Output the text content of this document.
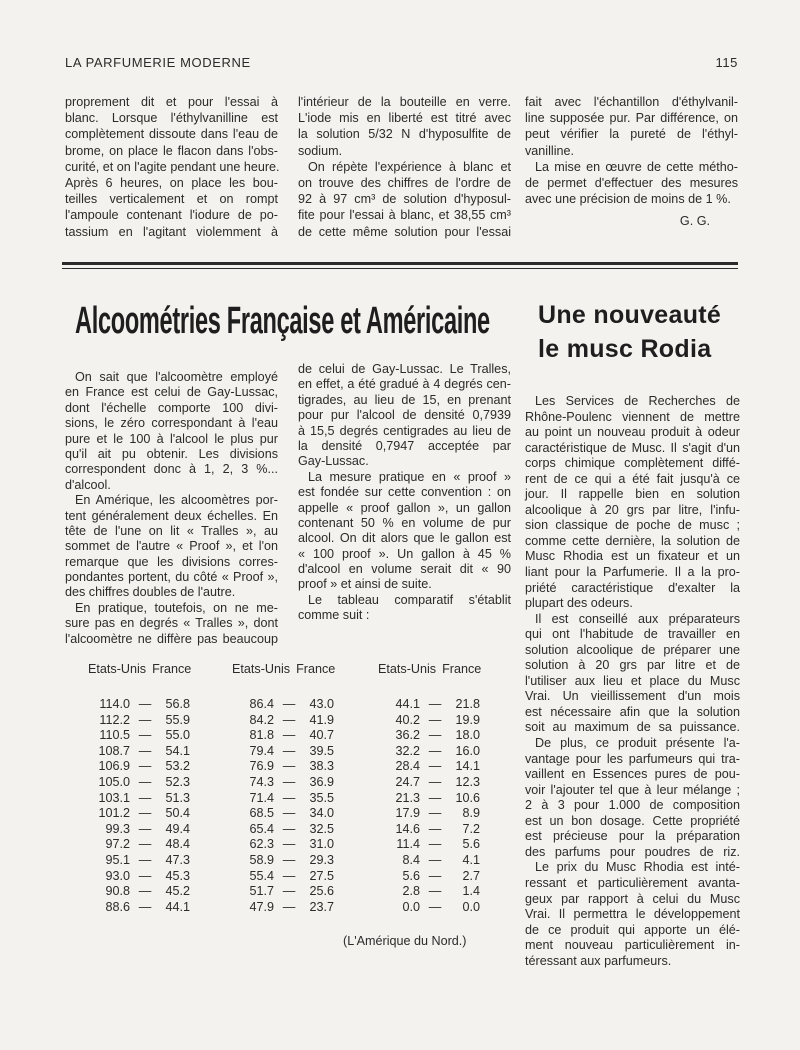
LA PARFUMERIE MODERNE	115
proprement dit et pour l'essai à
blanc. Lorsque l'éthylvanilline est
complètement dissoute dans l'eau de
brome, on place le flacon dans l'obs-
curité, et on l'agite pendant une heure.
Après 6 heures, on place les bou-
teilles verticalement et on rompt
l'ampoule contenant l'iodure de po-
tassium en l'agitant violemment à
l'intérieur de la bouteille en verre.
L'iode mis en liberté est titré avec
la solution 5/32 N d'hyposulfite de
sodium.
On répète l'expérience à blanc et
on trouve des chiffres de l'ordre de
92 à 97 cm³ de solution d'hyposul-
fite pour l'essai à blanc, et 38,55 cm³
de cette même solution pour l'essai
fait avec l'échantillon d'éthylvanil-
line supposée pur. Par différence, on
peut vérifier la pureté de l'éthyl-
vanilline.
La mise en œuvre de cette métho-
de permet d'effectuer des mesures
avec une précision de moins de 1 %.
G. G.
Alcoométries Française et Américaine Une nouveauté
le musc Rodia
On sait que l'alcoomètre employé
en France est celui de Gay-Lussac,
dont l'échelle comporte 100 divi-
sions, le zéro correspondant à l'eau
pure et le 100 à l'alcool le plus pur
qu'il ait pu obtenir. Les divisions
correspondent donc à 1, 2, 3 %...
d'alcool.
En Amérique, les alcoomètres por-
tent généralement deux échelles. En
tête de l'une on lit « Tralles », au
sommet de l'autre « Proof », et l'on
remarque que les divisions corres-
pondantes portent, du côté « Proof »,
des chiffres doubles de l'autre.
En pratique, toutefois, on ne me-
sure pas en degrés « Tralles », dont
l'alcoomètre ne diffère pas beaucoup
de celui de Gay-Lussac. Le Tralles,
en effet, a été gradué à 4 degrés cen-
tigrades, au lieu de 15, en prenant
pour pur l'alcool de densité 0,7939
à 15,5 degrés centigrades au lieu de
la densité 0,7947 acceptée par
Gay-Lussac.
La mesure pratique en « proof »
est fondée sur cette convention : on
appelle « proof gallon », un gallon
contenant 50 % en volume de pur
alcool. On dit alors que le gallon est
« 100 proof ». Un gallon à 45 %
d'alcool en volume serait dit « 90
proof » et ainsi de suite.
Le tableau comparatif s'établit
comme suit :
Etats-Unis France
114.0 — 56.8
112.2 — 55.9
110.5 — 55.0
108.7 — 54.1
106.9 — 53.2
105.0 — 52.3
103.1 — 51.3
101.2 — 50.4
99.3 — 49.4
97.2 — 48.4
95.1 — 47.3
93.0 — 45.3
90.8 — 45.2
88.6 — 44.1
Etats-Unis France
86.4 — 43.0
84.2 — 41.9
81.8 — 40.7
79.4 — 39.5
76.9 — 38.3
74.3 — 36.9
71.4 — 35.5
68.5 — 34.0
65.4 — 32.5
62.3 — 31.0
58.9 — 29.3
55.4 — 27.5
51.7 — 25.6
47.9 — 23.7
Etats-Unis France
44.1 — 21.8
40.2 — 19.9
36.2 — 18.0
32.2 — 16.0
28.4 — 14.1
24.7 — 12.3
21.3 — 10.6
17.9 — 8.9
14.6 — 7.2
11.4 — 5.6
8.4 — 4.1
5.6 — 2.7
2.8 — 1.4
0.0 — 0.0
(L'Amérique du Nord.)
Les Services de Recherches de
Rhône-Poulenc viennent de mettre
au point un nouveau produit à odeur
caractéristique de Musc. Il s'agit d'un
corps chimique complètement diffé-
rent de ce qui a été fait jusqu'à ce
jour. Il rappelle bien en solution
alcoolique à 20 grs par litre, l'infu-
sion classique de poche de musc ;
comme cette dernière, la solution de
Musc Rhodia est un fixateur et un
liant pour la Parfumerie. Il a la pro-
priété caractéristique d'exalter la
plupart des odeurs.
Il est conseillé aux préparateurs
qui ont l'habitude de travailler en
solution alcoolique de préparer une
solution à 20 grs par litre et de
l'utiliser aux lieu et place du Musc
Vrai. Un vieillissement d'un mois
est nécessaire afin que la solution
soit au maximum de sa puissance.
De plus, ce produit présente l'a-
vantage pour les parfumeurs qui tra-
vaillent en Essences pures de pou-
voir l'ajouter tel que à leur mélange ;
2 à 3 pour 1.000 de composition
est un bon dosage. Cette propriété
est précieuse pour la préparation
des parfums pour poudres de riz.
Le prix du Musc Rhodia est inté-
ressant et particulièrement avanta-
geux par rapport à celui du Musc
Vrai. Il permettra le développement
de ce produit qui apporte un élé-
ment nouveau particulièrement in-
téressant aux parfumeurs.
